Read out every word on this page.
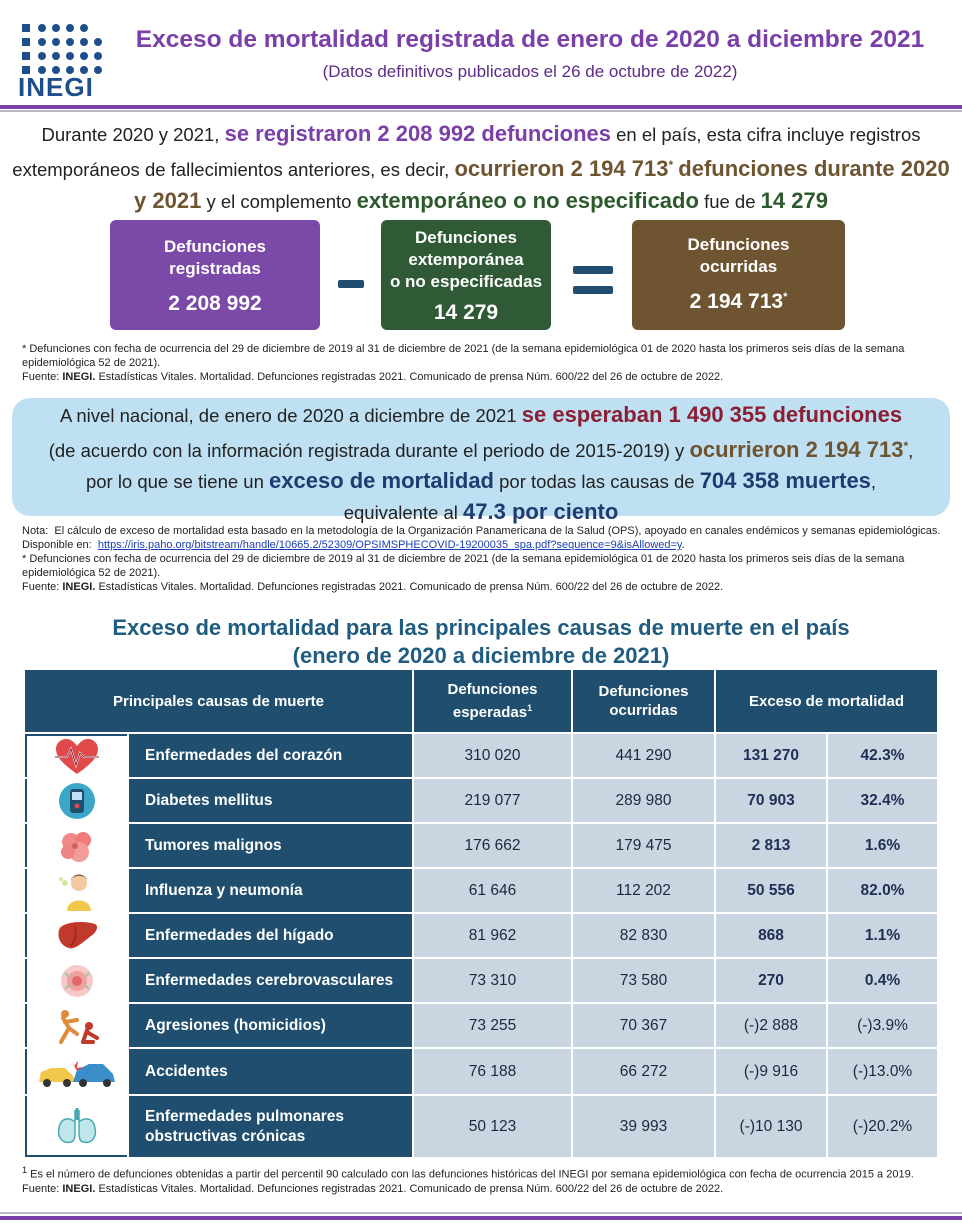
INEGI
Exceso de mortalidad registrada de enero de 2020 a diciembre 2021
(Datos definitivos publicados el 26 de octubre de 2022)
Durante 2020 y 2021, se registraron 2 208 992 defunciones en el país, esta cifra incluye registros extemporáneos de fallecimientos anteriores, es decir, ocurrieron 2 194 713* defunciones durante 2020 y 2021 y el complemento extemporáneo o no especificado fue de 14 279
Defunciones
registradas
2 208 992
Defunciones
extemporánea
o no especificadas
14 279
Defunciones
ocurridas
2 194 713*
* Defunciones con fecha de ocurrencia del 29 de diciembre de 2019 al 31 de diciembre de 2021 (de la semana epidemiológica 01 de 2020 hasta los primeros seis días de la semana epidemiológica 52 de 2021).
Fuente: INEGI. Estadísticas Vitales. Mortalidad. Defunciones registradas 2021. Comunicado de prensa Núm. 600/22 del 26 de octubre de 2022.
A nivel nacional, de enero de 2020 a diciembre de 2021 se esperaban 1 490 355 defunciones
(de acuerdo con la información registrada durante el periodo de 2015-2019) y ocurrieron 2 194 713*,
por lo que se tiene un exceso de mortalidad por todas las causas de 704 358 muertes,
equivalente al 47.3 por ciento
Nota: El cálculo de exceso de mortalidad esta basado en la metodología de la Organización Panamericana de la Salud (OPS), apoyado en canales endémicos y semanas epidemiológicas. Disponible en: https://iris.paho.org/bitstream/handle/10665.2/52309/OPSIMSPHECOVID-19200035_spa.pdf?sequence=9&isAllowed=y.
* Defunciones con fecha de ocurrencia del 29 de diciembre de 2019 al 31 de diciembre de 2021 (de la semana epidemiológica 01 de 2020 hasta los primeros seis días de la semana epidemiológica 52 de 2021).
Fuente: INEGI. Estadísticas Vitales. Mortalidad. Defunciones registradas 2021. Comunicado de prensa Núm. 600/22 del 26 de octubre de 2022.
Exceso de mortalidad para las principales causas de muerte en el país
(enero de 2020 a diciembre de 2021)
Principales causas de muerte
Defunciones
esperadas$^1$
Defunciones
ocurridas
Exceso de mortalidad
Enfermedades del corazón	310 020	441 290	131 270	42.3%
Diabetes mellitus	219 077	289 980	70 903	32.4%
Tumores malignos	176 662	179 475	2 813	1.6%
Influenza y neumonía	61 646	112 202	50 556	82.0%
Enfermedades del hígado	81 962	82 830	868	1.1%
Enfermedades cerebrovasculares	73 310	73 580	270	0.4%
Agresiones (homicidios)	73 255	70 367	(-)2 888	(-)3.9%
Accidentes	76 188	66 272	(-)9 916	(-)13.0%
Enfermedades pulmonares
obstructivas crónicas
50 123	39 993	(-)10 130	(-)20.2%
$^1$ Es el número de defunciones obtenidas a partir del percentil 90 calculado con las defunciones históricas del INEGI por semana epidemiológica con fecha de ocurrencia 2015 a 2019.
Fuente: INEGI. Estadísticas Vitales. Mortalidad. Defunciones registradas 2021. Comunicado de prensa Núm. 600/22 del 26 de octubre de 2022.
